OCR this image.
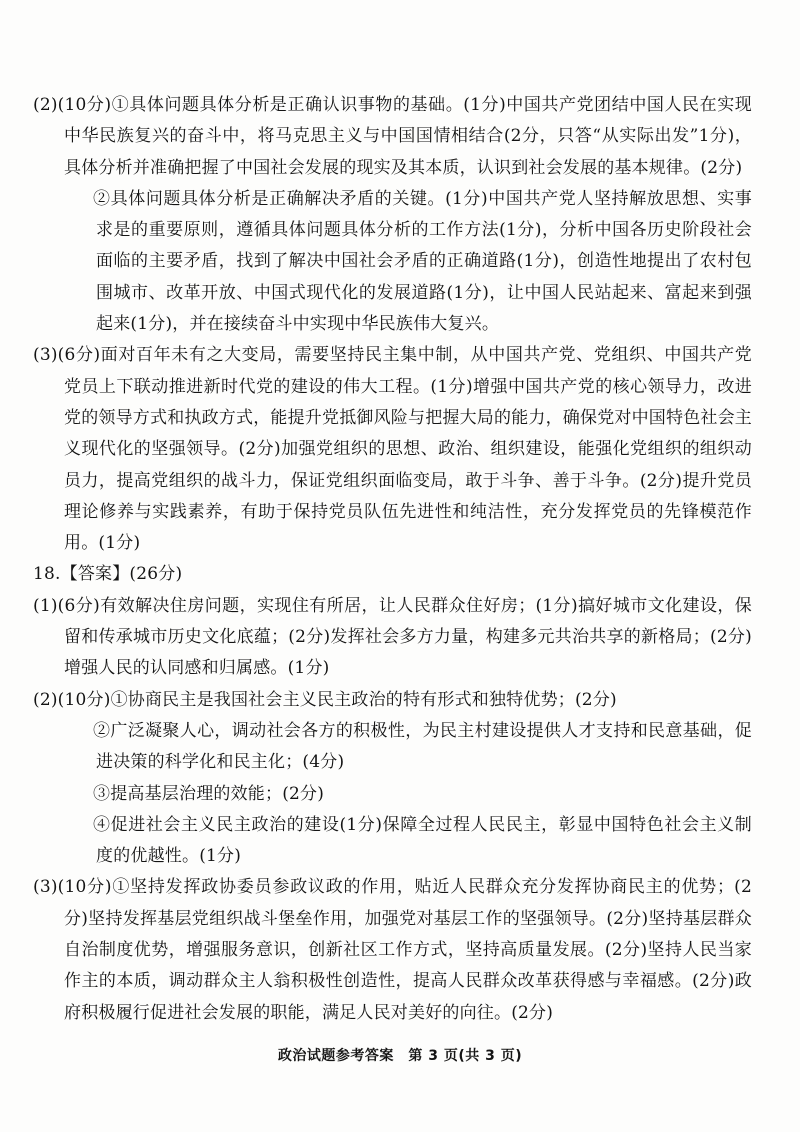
(2)(10分)①具体问题具体分析是正确认识事物的基础。(1分)中国共产党团结中国人民在实现中华民族复兴的奋斗中，将马克思主义与中国国情相结合(2分，只答“从实际出发”1分)，具体分析并准确把握了中国社会发展的现实及其本质，认识到社会发展的基本规律。(2分)

②具体问题具体分析是正确解决矛盾的关键。(1分)中国共产党人坚持解放思想、实事求是的重要原则，遵循具体问题具体分析的工作方法(1分)，分析中国各历史阶段社会面临的主要矛盾，找到了解决中国社会矛盾的正确道路(1分)，创造性地提出了农村包围城市、改革开放、中国式现代化的发展道路(1分)，让中国人民站起来、富起来到强起来(1分)，并在接续奋斗中实现中华民族伟大复兴。

(3)(6分)面对百年未有之大变局，需要坚持民主集中制，从中国共产党、党组织、中国共产党党员上下联动推进新时代党的建设的伟大工程。(1分)增强中国共产党的核心领导力，改进党的领导方式和执政方式，能提升党抵御风险与把握大局的能力，确保党对中国特色社会主义现代化的坚强领导。(2分)加强党组织的思想、政治、组织建设，能强化党组织的组织动员力，提高党组织的战斗力，保证党组织面临变局，敢于斗争、善于斗争。(2分)提升党员理论修养与实践素养，有助于保持党员队伍先进性和纯洁性，充分发挥党员的先锋模范作用。(1分)

18.【答案】(26分)

(1)(6分)有效解决住房问题，实现住有所居，让人民群众住好房；(1分)搞好城市文化建设，保留和传承城市历史文化底蕴；(2分)发挥社会多方力量，构建多元共治共享的新格局；(2分)增强人民的认同感和归属感。(1分)

(2)(10分)①协商民主是我国社会主义民主政治的特有形式和独特优势；(2分)

②广泛凝聚人心，调动社会各方的积极性，为民主村建设提供人才支持和民意基础，促进决策的科学化和民主化；(4分)

③提高基层治理的效能；(2分)

④促进社会主义民主政治的建设(1分)保障全过程人民民主，彰显中国特色社会主义制度的优越性。(1分)

(3)(10分)①坚持发挥政协委员参政议政的作用，贴近人民群众充分发挥协商民主的优势；(2分)坚持发挥基层党组织战斗堡垒作用，加强党对基层工作的坚强领导。(2分)坚持基层群众自治制度优势，增强服务意识，创新社区工作方式，坚持高质量发展。(2分)坚持人民当家作主的本质，调动群众主人翁积极性创造性，提高人民群众改革获得感与幸福感。(2分)政府积极履行促进社会发展的职能，满足人民对美好的向往。(2分)

政治试题参考答案　第 3 页(共 3 页)
